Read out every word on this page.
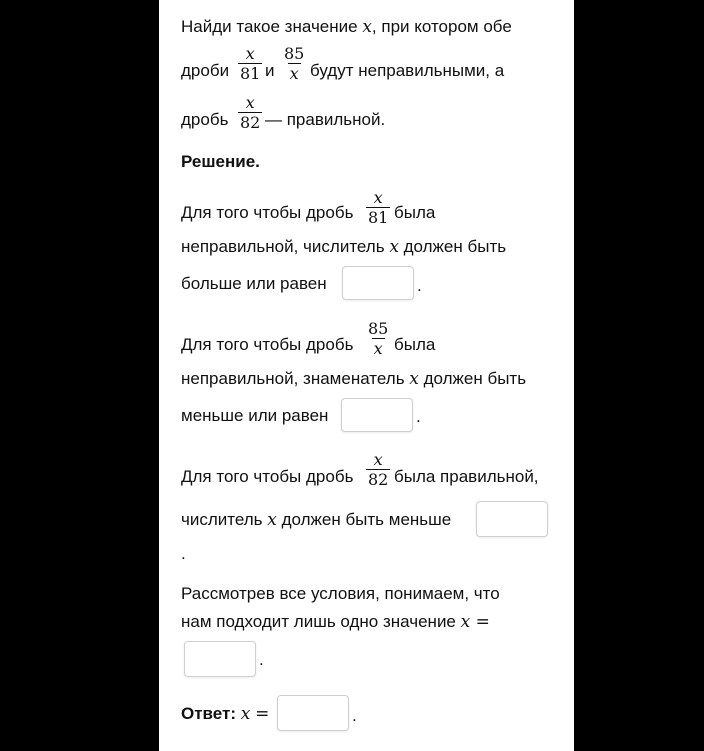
Найди такое значение x, при котором обе
дроби $\frac{x}{81}$ и $\frac{85}{x}$ будут неправильными, а
дробь $\frac{x}{82}$ — правильной.
Решение.
Для того чтобы дробь $\frac{x}{81}$ была
неправильной, числитель x должен быть
больше или равен	.
Для того чтобы дробь $\frac{85}{x}$ была
неправильной, знаменатель x должен быть
меньше или равен	.
Для того чтобы дробь $\frac{x}{82}$ была правильной,
числитель x должен быть меньше
.
Рассмотрев все условия, понимаем, что
нам подходит лишь одно значение x =
.
Ответ: x =	.
